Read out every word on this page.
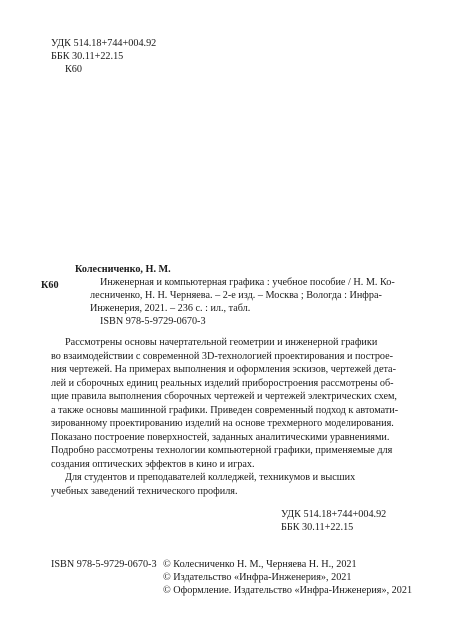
УДК 514.18+744+004.92
ББК 30.11+22.15
К60
Колесниченко, Н. М.
К60	Инженерная и компьютерная графика : учебное пособие / Н. М. Ко-
лесниченко, Н. Н. Черняева. – 2-е изд. – Москва ; Вологда : Инфра-
Инженерия, 2021. – 236 с. : ил., табл.
ISBN 978-5-9729-0670-3
Рассмотрены основы начертательной геометрии и инженерной графики
во взаимодействии с современной 3D-технологией проектирования и построе-
ния чертежей. На примерах выполнения и оформления эскизов, чертежей дета-
лей и сборочных единиц реальных изделий приборостроения рассмотрены об-
щие правила выполнения сборочных чертежей и чертежей электрических схем,
а также основы машинной графики. Приведен современный подход к автомати-
зированному проектированию изделий на основе трехмерного моделирования.
Показано построение поверхностей, заданных аналитическими уравнениями.
Подробно рассмотрены технологии компьютерной графики, применяемые для
создания оптических эффектов в кино и играх.
Для студентов и преподавателей колледжей, техникумов и высших
учебных заведений технического профиля.
УДК 514.18+744+004.92
ББК 30.11+22.15
ISBN 978-5-9729-0670-3 © Колесниченко Н. М., Черняева Н. Н., 2021
© Издательство «Инфра-Инженерия», 2021
© Оформление. Издательство «Инфра-Инженерия», 2021
